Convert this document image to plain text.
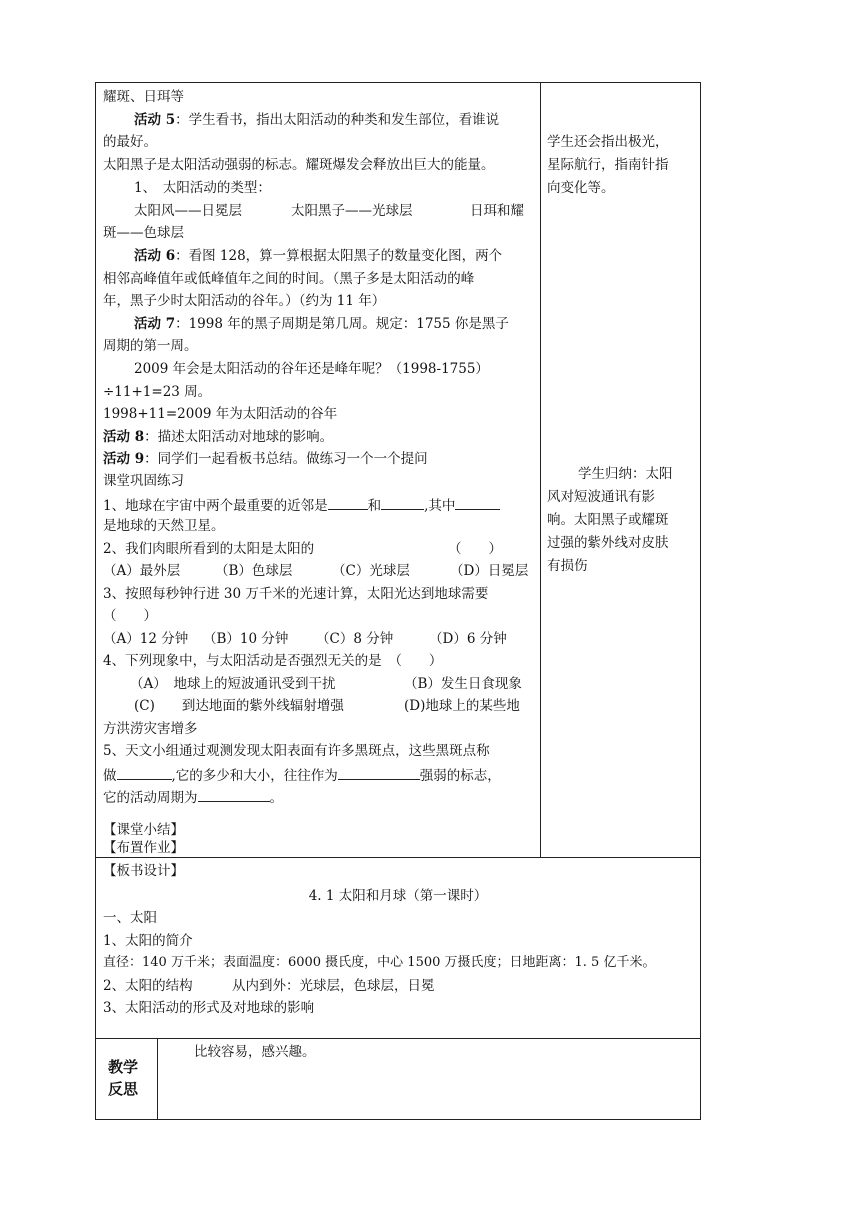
耀斑、日珥等
活动 5：学生看书，指出太阳活动的种类和发生部位，看谁说
的最好。
太阳黑子是太阳活动强弱的标志。耀斑爆发会释放出巨大的能量。
1、　太阳活动的类型：
太阳风——日冕层	太阳黑子——光球层	日珥和耀
斑——色球层
活动 6：看图 128，算一算根据太阳黑子的数量变化图，两个
相邻高峰值年或低峰值年之间的时间。（黑子多是太阳活动的峰
年，黑子少时太阳活动的谷年。）（约为 11 年）
活动 7：1998 年的黑子周期是第几周。规定：1755 你是黑子
周期的第一周。
2009 年会是太阳活动的谷年还是峰年呢？（1998-1755）
÷11+1=23 周。
1998+11=2009 年为太阳活动的谷年
活动 8：描述太阳活动对地球的影响。
活动 9：同学们一起看板书总结。做练习一个一个提问
课堂巩固练习
1、地球在宇宙中两个最重要的近邻是	和	,其中
是地球的天然卫星。
2、我们肉眼所看到的太阳是太阳的	（　　）
（A）最外层	（B）色球层	（C）光球层	（D）日冕层
3、按照每秒钟行进 30 万千米的光速计算，太阳光达到地球需要
（　　）
（A）12 分钟 （B）10 分钟 （C）8 分钟	（D）6 分钟
4、下列现象中，与太阳活动是否强烈无关的是　（　　）
（A）　地球上的短波通讯受到干扰	（B）发生日食现象
(C)　　到达地面的紫外线辐射增强	(D)地球上的某些地
方洪涝灾害增多
5、天文小组通过观测发现太阳表面有许多黑斑点，这些黑斑点称
做	,它的多少和大小，往往作为	强弱的标志，
它的活动周期为	。
【课堂小结】
【布置作业】
学生还会指出极光，
星际航行，指南针指
向变化等。
学生归纳：太阳
风对短波通讯有影
响。太阳黑子或耀斑
过强的紫外线对皮肤
有损伤
【板书设计】
4. 1 太阳和月球（第一课时）
一、太阳
1、太阳的简介
直径：140 万千米；表面温度：6000 摄氏度，中心 1500 万摄氏度；日地距离：1. 5 亿千米。
2、太阳的结构	从内到外：光球层，色球层，日冕
3、太阳活动的形式及对地球的影响
教学
反思
比较容易，感兴趣。
